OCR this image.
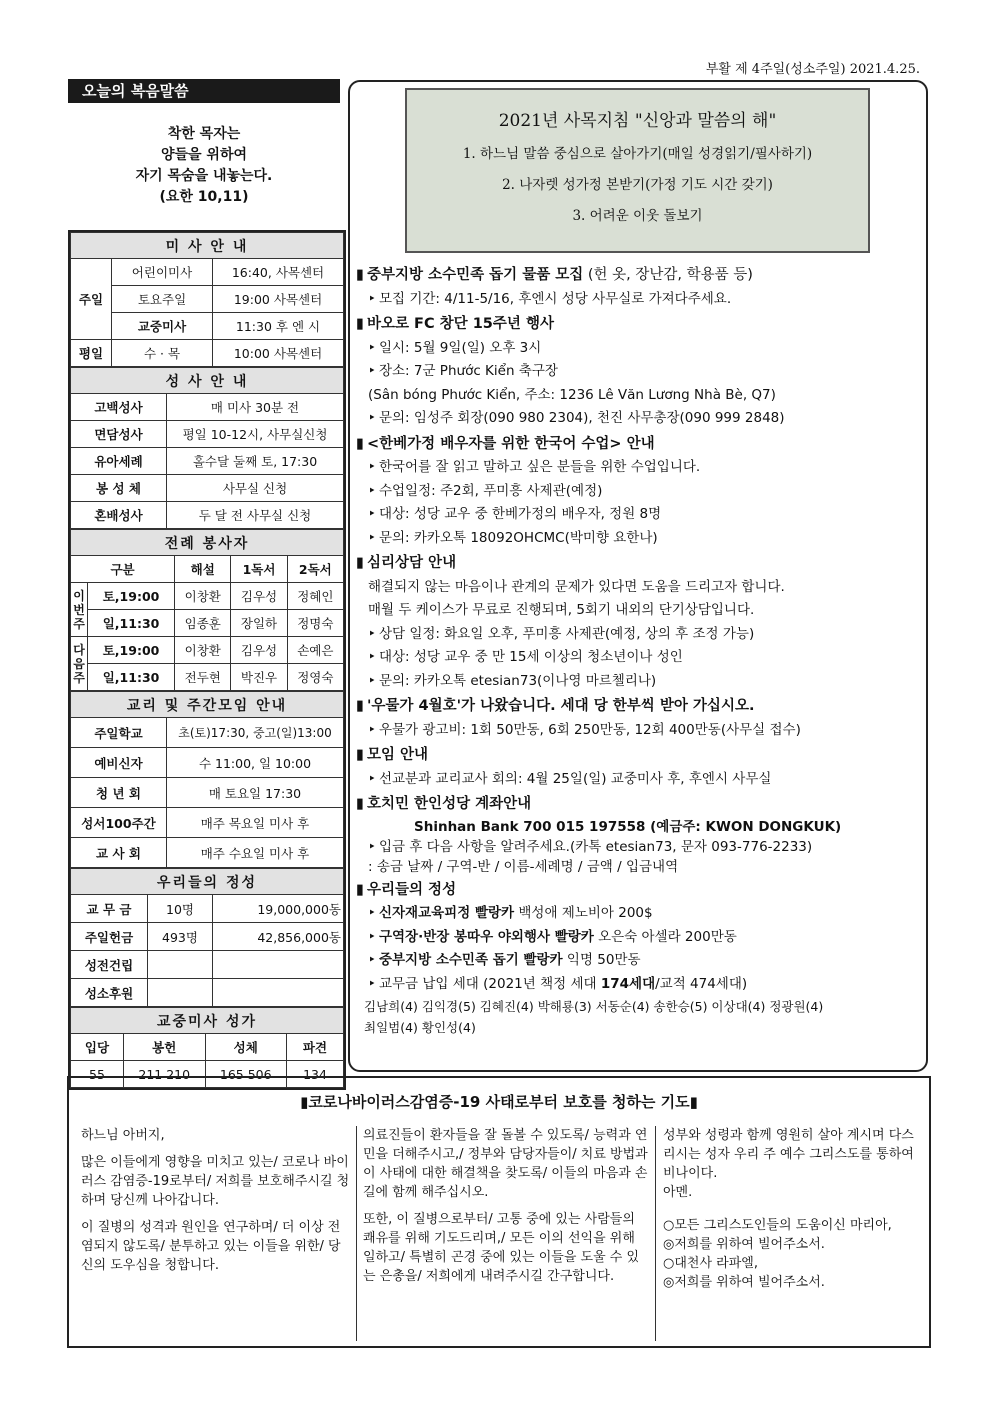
부활 제 4주일(성소주일) 2021.4.25.
오늘의 복음말씀
착한 목자는
양들을 위하여
자기 목숨을 내놓는다.
(요한 10,11)
미 사 안 내		
주일	어린이미사	16:40, 사목센터
	토요주일	19:00 사목센터
	교중미사	11:30 후 엔 시
평일	수 · 목	10:00 사목센터
성 사 안 내	
고백성사	매 미사 30분 전
면담성사	평일 10-12시, 사무실신청
유아세례	홀수달 둘째 토, 17:30
봉 성 체	사무실 신청
혼배성사	두 달 전 사무실 신청
전례 봉사자				
구분		해설	1독서	2독서
이번주	토,19:00	이창환	김우성	정혜인
	일,11:30	임종훈	장일하	정명숙
다음주	토,19:00	이창환	김우성	손예은
	일,11:30	전두현	박진우	정영숙
교리 및 주간모임 안내	
주일학교	초(토)17:30, 중고(일)13:00
예비신자	수 11:00, 일 10:00
청 년 회	매 토요일 17:30
성서100주간	매주 목요일 미사 후
교 사 회	매주 수요일 미사 후
우리들의 정성		
교 무 금	10명	19,000,000동
주일헌금	493명	42,856,000동
성전건립		
성소후원		
교중미사 성가			
입당	봉헌	성체	파견
55	211 210	165 506	134
2021년 사목지침 "신앙과 말씀의 해"
1. 하느님 말씀 중심으로 살아가기(매일 성경읽기/필사하기)
2. 나자렛 성가정 본받기(가정 기도 시간 갖기)
3. 어려운 이웃 돌보기
▮ 중부지방 소수민족 돕기 물품 모집 (헌 옷, 장난감, 학용품 등)
‣ 모집 기간: 4/11-5/16, 후엔시 성당 사무실로 가져다주세요.
▮ 바오로 FC 창단 15주년 행사
‣ 일시: 5월 9일(일) 오후 3시
‣ 장소: 7군 Phước Kiển 축구장
(Sân bóng Phước Kiển, 주소: 1236 Lê Văn Lương Nhà Bè, Q7)
‣ 문의: 임성주 회장(090 980 2304), 천진 사무총장(090 999 2848)
▮ <한베가정 배우자를 위한 한국어 수업> 안내
‣ 한국어를 잘 읽고 말하고 싶은 분들을 위한 수업입니다.
‣ 수업일정: 주2회, 푸미흥 사제관(예정)
‣ 대상: 성당 교우 중 한베가정의 배우자, 정원 8명
‣ 문의: 카카오톡 18092OHCMC(박미향 요한나)
▮ 심리상담 안내
해결되지 않는 마음이나 관계의 문제가 있다면 도움을 드리고자 합니다.
매월 두 케이스가 무료로 진행되며, 5회기 내외의 단기상담입니다.
‣ 상담 일정: 화요일 오후, 푸미흥 사제관(예정, 상의 후 조정 가능)
‣ 대상: 성당 교우 중 만 15세 이상의 청소년이나 성인
‣ 문의: 카카오톡 etesian73(이나영 마르첼리나)
▮ '우물가 4월호'가 나왔습니다. 세대 당 한부씩 받아 가십시오.
‣ 우물가 광고비: 1회 50만동, 6회 250만동, 12회 400만동(사무실 접수)
▮ 모임 안내
‣ 선교분과 교리교사 회의: 4월 25일(일) 교중미사 후, 후엔시 사무실
▮ 호치민 한인성당 계좌안내
Shinhan Bank 700 015 197558 (예금주: KWON DONGKUK)
‣ 입금 후 다음 사항을 알려주세요.(카톡 etesian73, 문자 093-776-2233)
: 송금 날짜 / 구역-반 / 이름-세례명 / 금액 / 입금내역
▮ 우리들의 정성
‣ 신자재교육피정 빨랑카 백성애 제노비아 200$
‣ 구역장·반장 봉따우 야외행사 빨랑카 오은숙 아셀라 200만동
‣ 중부지방 소수민족 돕기 빨랑카 익명 50만동
‣ 교무금 납입 세대 (2021년 책정 세대 174세대/교적 474세대)
김남희(4) 김익경(5) 김혜진(4) 박해룡(3) 서동순(4) 송한승(5) 이상대(4) 정광원(4)
최일범(4) 황인성(4)
▮코로나바이러스감염증-19 사태로부터 보호를 청하는 기도▮

하느님 아버지,

많은 이들에게 영향을 미치고 있는/ 코로나 바이러스 감염증-19로부터/ 저희를 보호해주시길 청하며 당신께 나아갑니다.

이 질병의 성격과 원인을 연구하며/ 더 이상 전염되지 않도록/ 분투하고 있는 이들을 위한/ 당신의 도우심을 청합니다.

의료진들이 환자들을 잘 돌볼 수 있도록/ 능력과 연민을 더해주시고,/ 정부와 담당자들이/ 치료 방법과 이 사태에 대한 해결책을 찾도록/ 이들의 마음과 손길에 함께 해주십시오.

또한, 이 질병으로부터/ 고통 중에 있는 사람들의 쾌유를 위해 기도드리며,/ 모든 이의 선익을 위해 일하고/ 특별히 곤경 중에 있는 이들을 도울 수 있는 은총을/ 저희에게 내려주시길 간구합니다.

성부와 성령과 함께 영원히 살아 계시며 다스리시는 성자 우리 주 예수 그리스도를 통하여 비나이다.

아멘.

○모든 그리스도인들의 도움이신 마리아,

◎저희를 위하여 빌어주소서.

○대천사 라파엘,

◎저희를 위하여 빌어주소서.
